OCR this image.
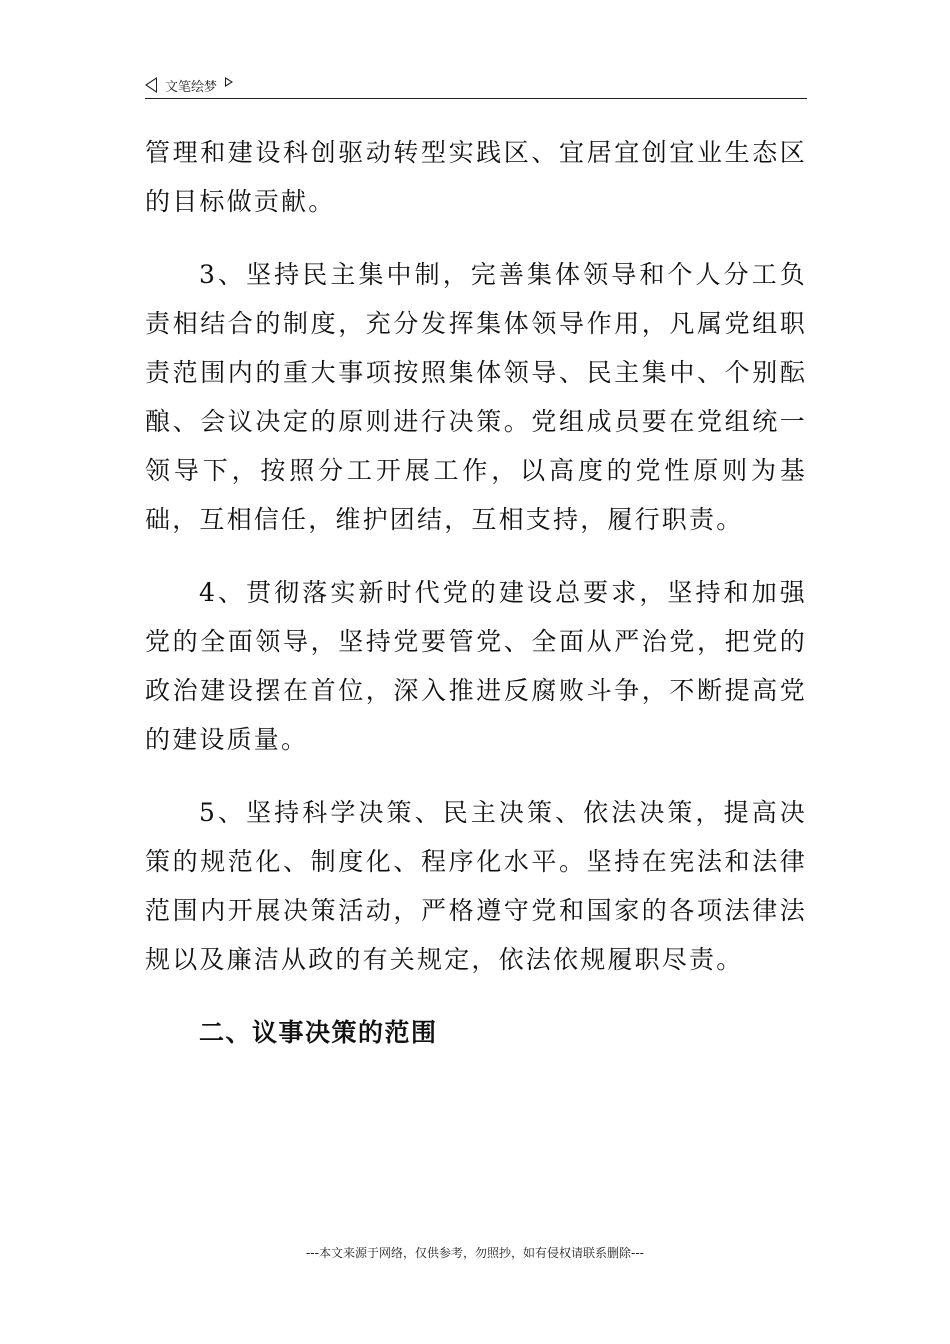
文笔绘梦

管理和建设科创驱动转型实践区、宜居宜创宜业生态区的目标做贡献。

3、坚持民主集中制，完善集体领导和个人分工负责相结合的制度，充分发挥集体领导作用，凡属党组职责范围内的重大事项按照集体领导、民主集中、个别酝酿、会议决定的原则进行决策。党组成员要在党组统一领导下，按照分工开展工作，以高度的党性原则为基础，互相信任，维护团结，互相支持，履行职责。

4、贯彻落实新时代党的建设总要求，坚持和加强党的全面领导，坚持党要管党、全面从严治党，把党的政治建设摆在首位，深入推进反腐败斗争，不断提高党的建设质量。

5、坚持科学决策、民主决策、依法决策，提高决策的规范化、制度化、程序化水平。坚持在宪法和法律范围内开展决策活动，严格遵守党和国家的各项法律法规以及廉洁从政的有关规定，依法依规履职尽责。

二、议事决策的范围
---本文来源于网络，仅供参考，勿照抄，如有侵权请联系删除---
